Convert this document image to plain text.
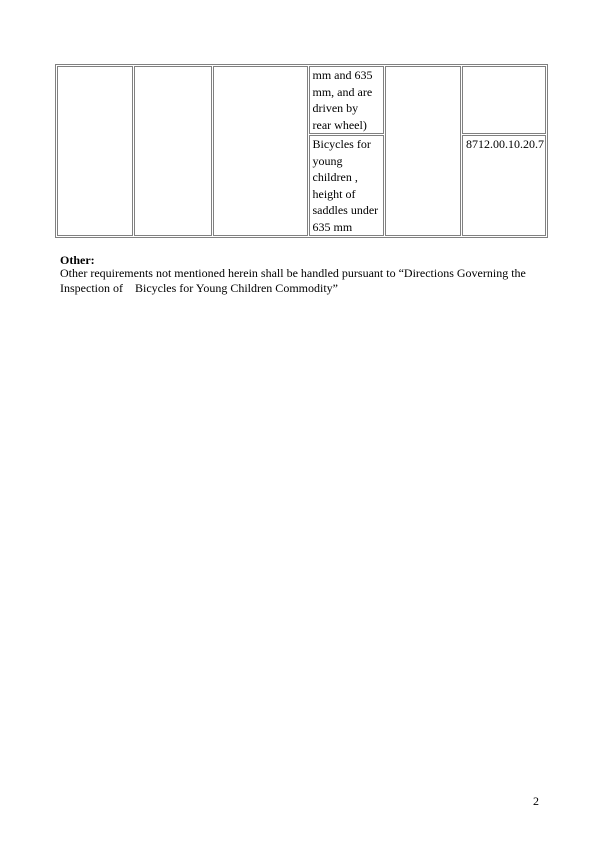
			mm and 635 mm, and are driven by rear wheel)		
			Bicycles for young children , height of saddles under 635 mm		8712.00.10.20.7

Other:

Other requirements not mentioned herein shall be handled pursuant to “Directions Governing the
Inspection of　Bicycles for Young Children Commodity”

2
